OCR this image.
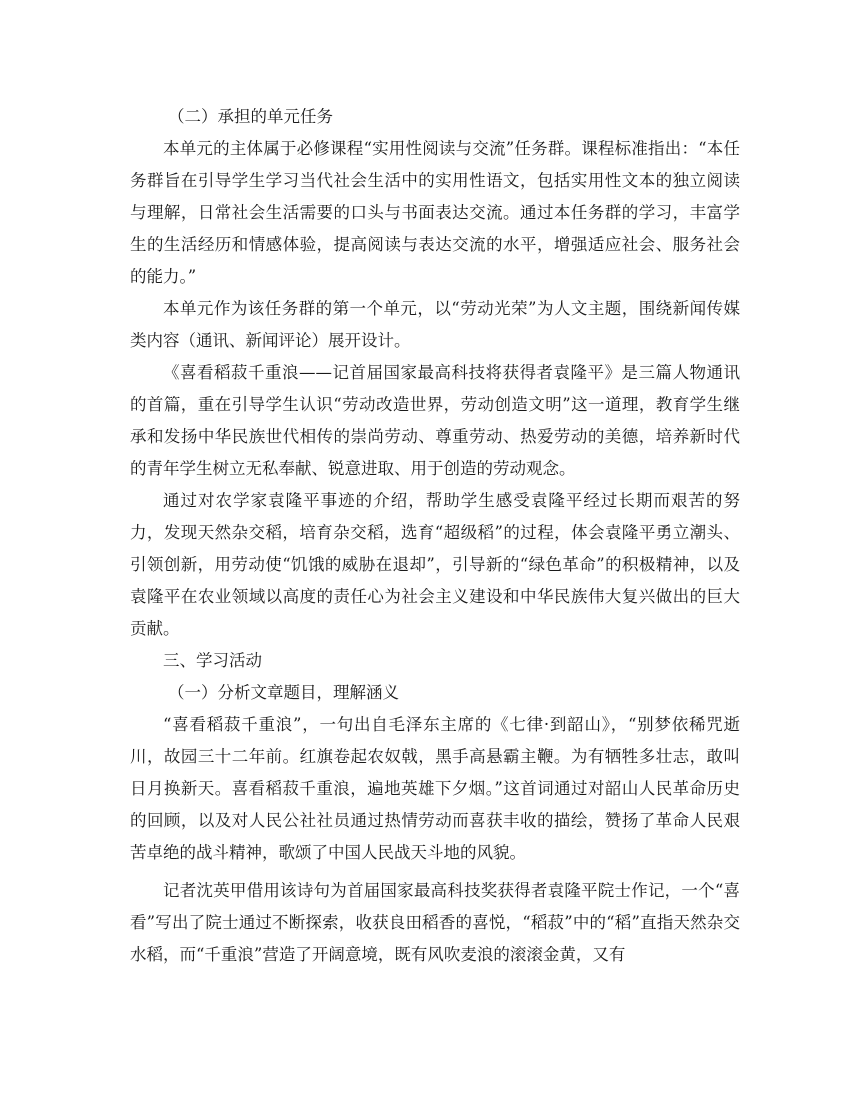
（二）承担的单元任务

本单元的主体属于必修课程“实用性阅读与交流”任务群。课程标准指出：“本任务群旨在引导学生学习当代社会生活中的实用性语文，包括实用性文本的独立阅读与理解，日常社会生活需要的口头与书面表达交流。通过本任务群的学习，丰富学生的生活经历和情感体验，提高阅读与表达交流的水平，增强适应社会、服务社会的能力。”

本单元作为该任务群的第一个单元，以“劳动光荣”为人文主题，围绕新闻传媒类内容（通讯、新闻评论）展开设计。

《喜看稻菽千重浪——记首届国家最高科技将获得者袁隆平》是三篇人物通讯的首篇，重在引导学生认识“劳动改造世界，劳动创造文明”这一道理，教育学生继承和发扬中华民族世代相传的崇尚劳动、尊重劳动、热爱劳动的美德，培养新时代的青年学生树立无私奉献、锐意进取、用于创造的劳动观念。

通过对农学家袁隆平事迹的介绍，帮助学生感受袁隆平经过长期而艰苦的努力，发现天然杂交稻，培育杂交稻，选育“超级稻”的过程，体会袁隆平勇立潮头、引领创新，用劳动使“饥饿的威胁在退却”，引导新的“绿色革命”的积极精神，以及袁隆平在农业领域以高度的责任心为社会主义建设和中华民族伟大复兴做出的巨大贡献。

三、学习活动

（一）分析文章题目，理解涵义

“喜看稻菽千重浪”，一句出自毛泽东主席的《七律·到韶山》，“别梦依稀咒逝川，故园三十二年前。红旗卷起农奴戟，黑手高悬霸主鞭。为有牺牲多壮志，敢叫日月换新天。喜看稻菽千重浪，遍地英雄下夕烟。”这首词通过对韶山人民革命历史的回顾，以及对人民公社社员通过热情劳动而喜获丰收的描绘，赞扬了革命人民艰苦卓绝的战斗精神，歌颂了中国人民战天斗地的风貌。

记者沈英甲借用该诗句为首届国家最高科技奖获得者袁隆平院士作记，一个“喜看”写出了院士通过不断探索，收获良田稻香的喜悦，“稻菽”中的“稻”直指天然杂交水稻，而“千重浪”营造了开阔意境，既有风吹麦浪的滚滚金黄，又有
